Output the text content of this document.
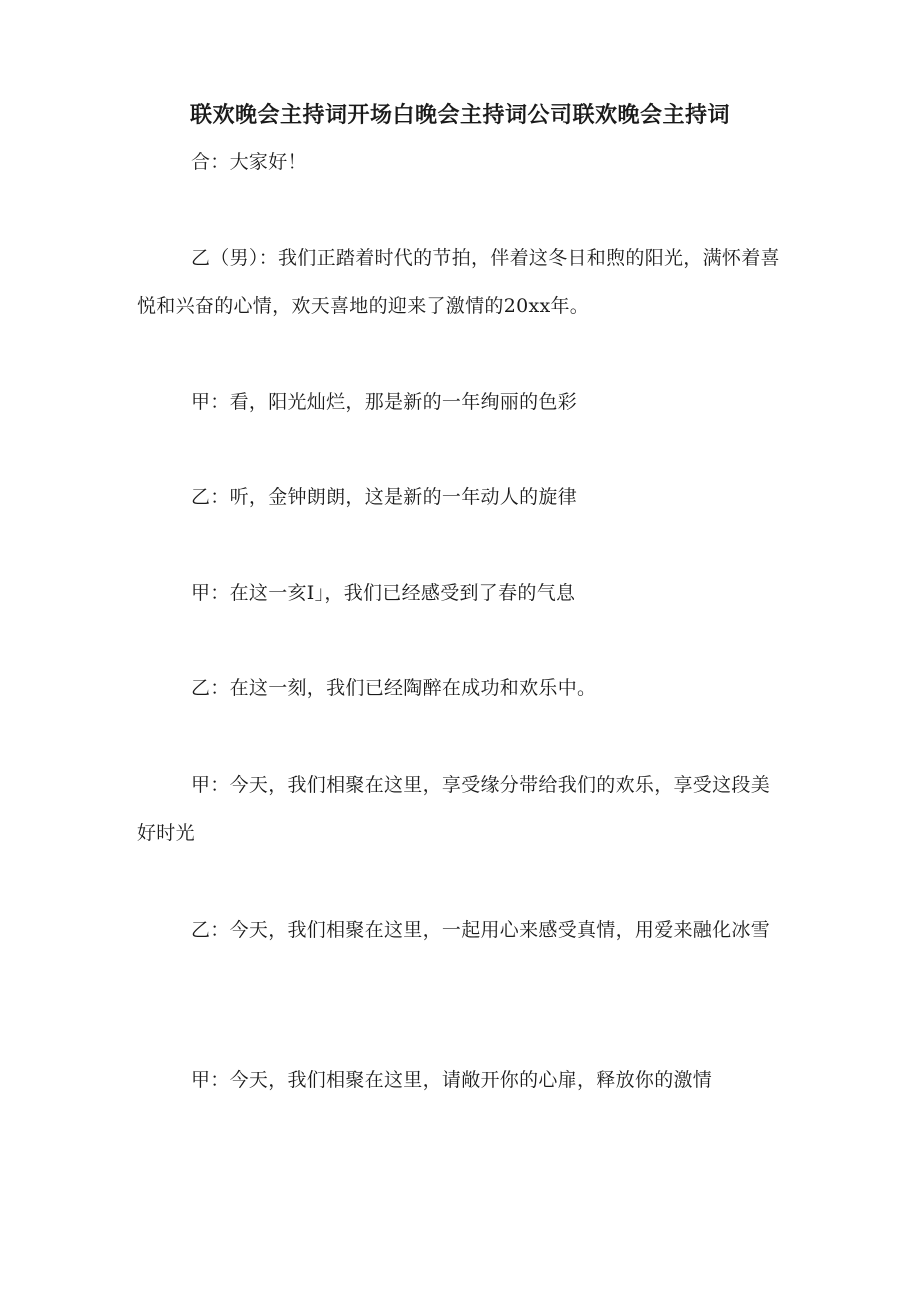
联欢晚会主持词开场白晚会主持词公司联欢晚会主持词
合：大家好！
乙（男）：我们正踏着时代的节拍，伴着这冬日和煦的阳光，满怀着喜悦和兴奋的心情，欢天喜地的迎来了激情的20xx年。
甲：看，阳光灿烂，那是新的一年绚丽的色彩
乙：听，金钟朗朗，这是新的一年动人的旋律
甲：在这一亥I」，我们已经感受到了春的气息
乙：在这一刻，我们已经陶醉在成功和欢乐中。
甲：今天，我们相聚在这里，享受缘分带给我们的欢乐，享受这段美好时光
乙：今天，我们相聚在这里，一起用心来感受真情，用爱来融化冰雪
甲：今天，我们相聚在这里，请敞开你的心扉，释放你的激情
